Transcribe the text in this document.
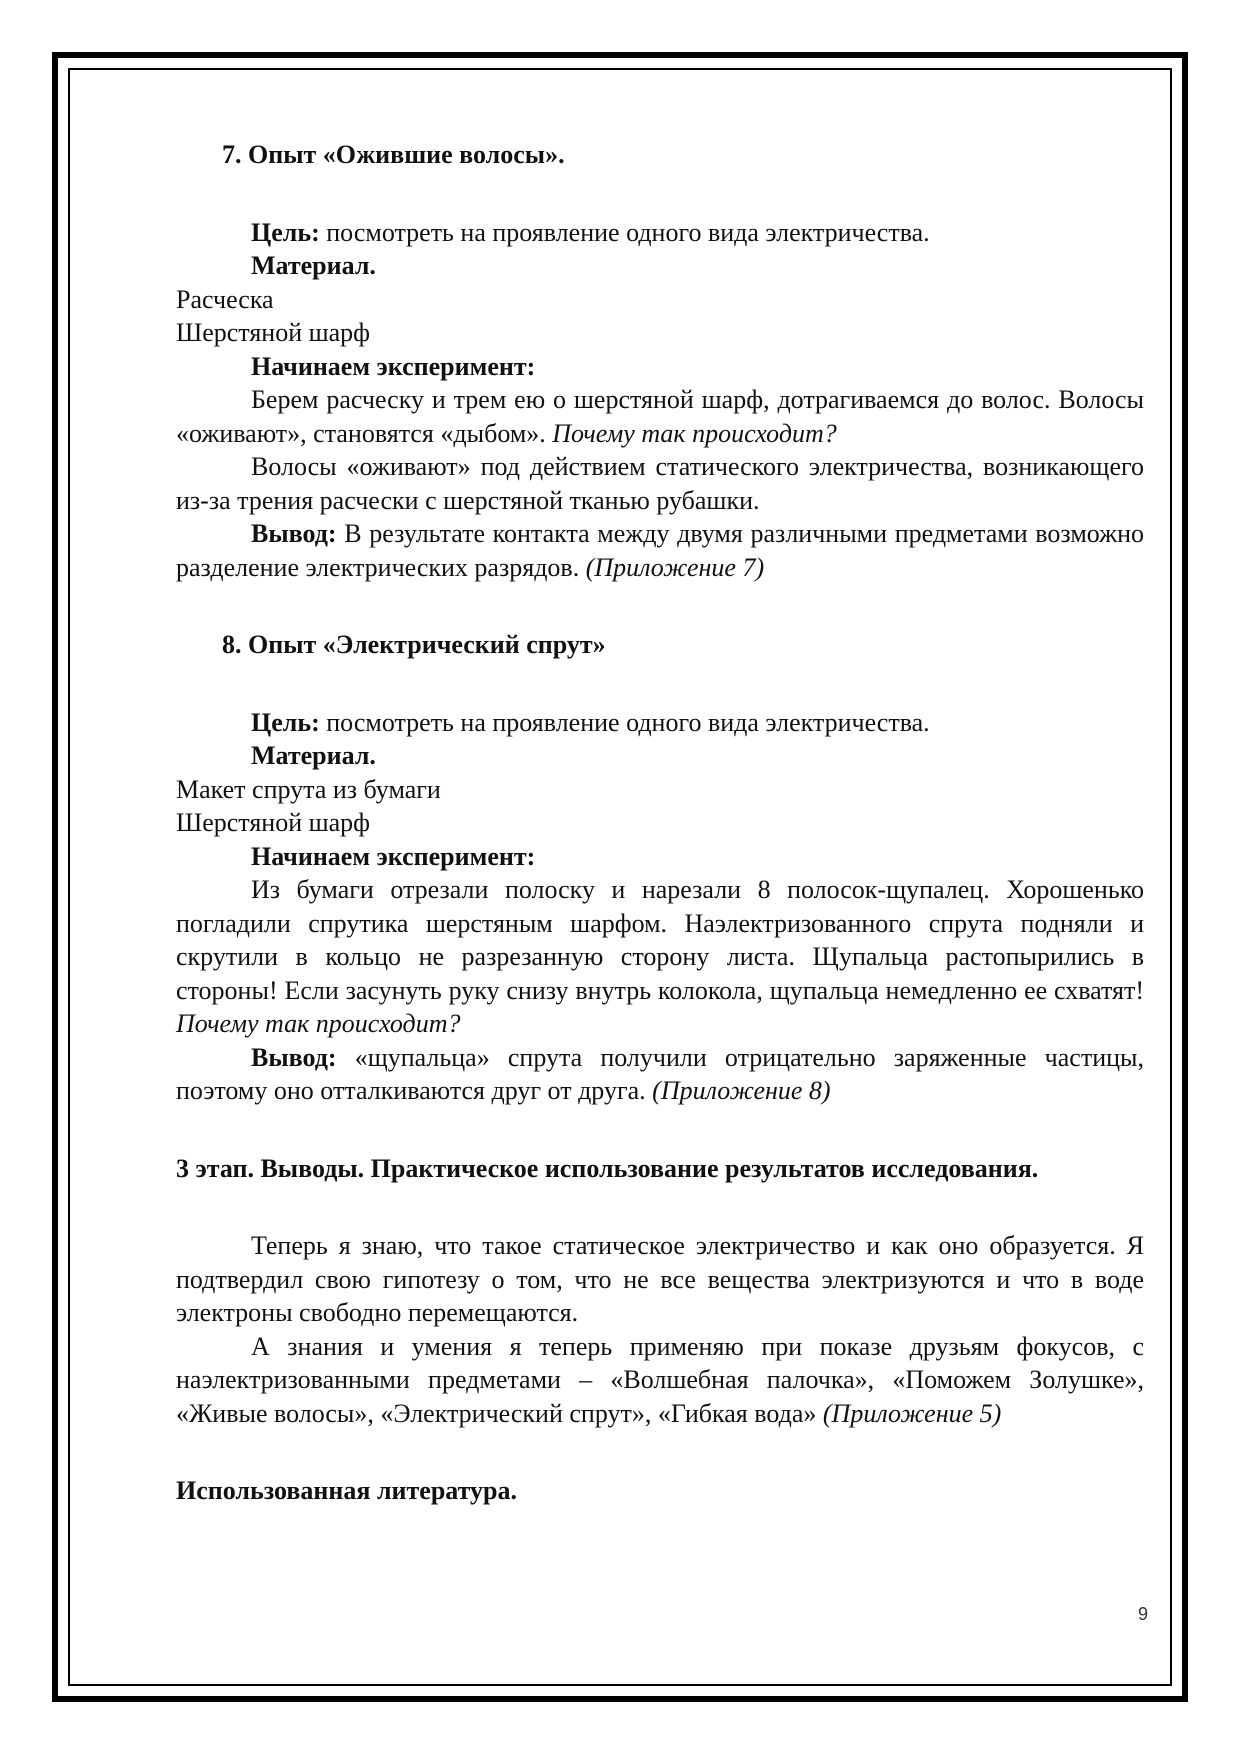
7. Опыт «Ожившие волосы».

Цель: посмотреть на проявление одного вида электричества.

Материал.

Расческа

Шерстяной шарф

Начинаем эксперимент:

Берем расческу и трем ею о шерстяной шарф, дотрагиваемся до волос. Волосы «оживают», становятся «дыбом». Почему так происходит?

Волосы «оживают» под действием статического электричества, возникающего из-за трения расчески с шерстяной тканью рубашки.

Вывод: В результате контакта между двумя различными предметами возможно разделение электрических разрядов. (Приложение 7)

8. Опыт «Электрический спрут»

Цель: посмотреть на проявление одного вида электричества.

Материал.

Макет спрута из бумаги

Шерстяной шарф

Начинаем эксперимент:

Из бумаги отрезали полоску и нарезали 8 полосок-щупалец. Хорошенько погладили спрутика шерстяным шарфом. Наэлектризованного спрута подняли и скрутили в кольцо не разрезанную сторону листа. Щупальца растопырились в стороны! Если засунуть руку снизу внутрь колокола, щупальца немедленно ее схватят! Почему так происходит?

Вывод: «щупальца» спрута получили отрицательно заряженные частицы, поэтому оно отталкиваются друг от друга. (Приложение 8)

3 этап. Выводы. Практическое использование результатов исследования.

Теперь я знаю, что такое статическое электричество и как оно образуется. Я подтвердил свою гипотезу о том, что не все вещества электризуются и что в воде электроны свободно перемещаются.

А знания и умения я теперь применяю при показе друзьям фокусов, с наэлектризованными предметами – «Волшебная палочка», «Поможем Золушке», «Живые волосы», «Электрический спрут», «Гибкая вода» (Приложение 5)

Использованная литература.

9
